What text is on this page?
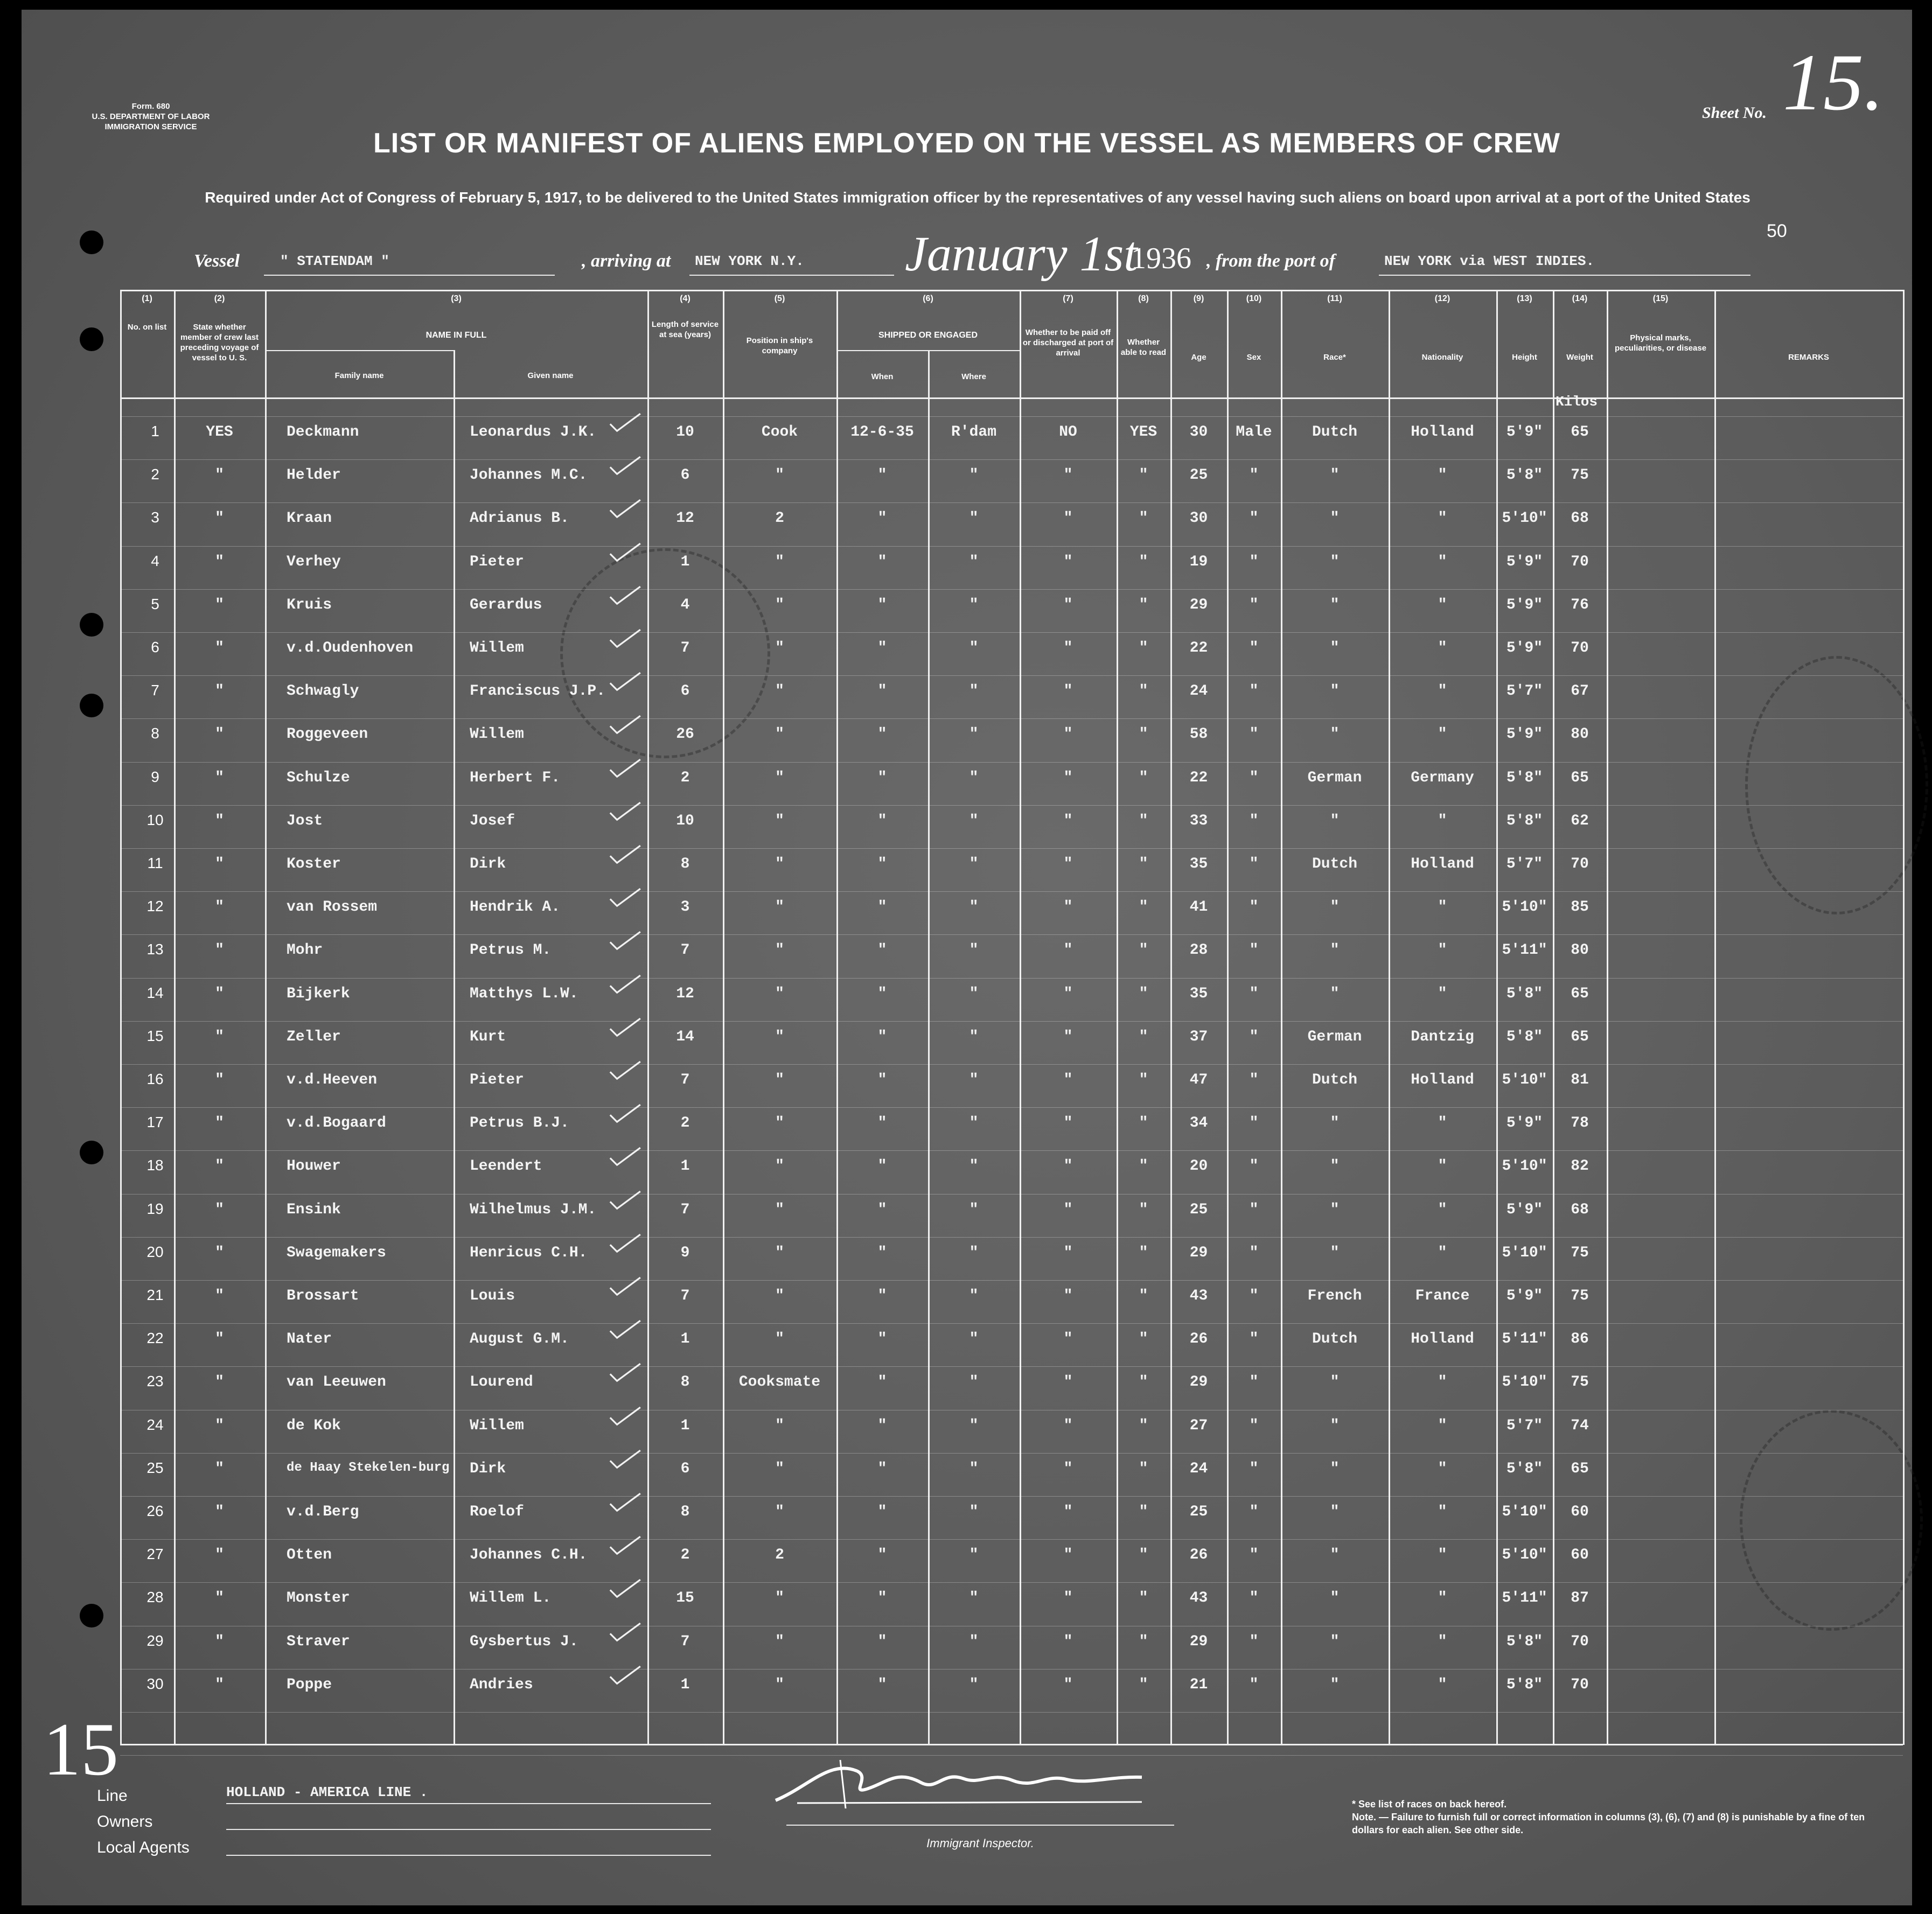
Form. 680
U.S. DEPARTMENT OF LABOR
IMMIGRATION SERVICE
Sheet No. 15.
LIST OR MANIFEST OF ALIENS EMPLOYED ON THE VESSEL AS MEMBERS OF CREW
Required under Act of Congress of February 5, 1917, to be delivered to the United States immigration officer by the representatives of any vessel having such aliens on board upon arrival at a port of the United States
50
Vessel	" STATENDAM "	, arriving at NEW YORK N.Y. January 1st
1936 , from the port of	NEW YORK via WEST INDIES.
(1)	(2)	(3)	(4)	(5)	(6)	(7)	(8)	(9)	(10)	(11)	(12)	(13)	(14)	(15)
No. on list	State whether member of crew last preceding voyage of vessel to U. S.
NAME IN FULL
Family name	Given name
Length of service at sea (years)
Position in ship's company
SHIPPED OR ENGAGED
When	Where
Whether to be paid off or discharged at port of arrival
Whether able to read
Age	Sex	Race*	Nationality	Height	Weight
Kilos
Physical marks, peculiarities, or disease
REMARKS
1	YES	Deckmann	Leonardus J.K.	10	Cook	12-6-35	R'dam	NO	YES	30	Male	Dutch	Holland	5'9"	65
2	"	Helder	Johannes M.C.	6	"	"	"	"	"	25	"	"	"	5'8"	75
3	"	Kraan	Adrianus B.	12	2	"	"	"	"	30	"	"	"	5'10"	68
4	"	Verhey	Pieter	1	"	"	"	"	"	19	"	"	"	5'9"	70
5	"	Kruis	Gerardus	4	"	"	"	"	"	29	"	"	"	5'9"	76
6	"	v.d.Oudenhoven	Willem	7	"	"	"	"	"	22	"	"	"	5'9"	70
7	"	Schwagly	Franciscus J.P.	6	"	"	"	"	"	24	"	"	"	5'7"	67
8	"	Roggeveen	Willem	26	"	"	"	"	"	58	"	"	"	5'9"	80
9	"	Schulze	Herbert F.	2	"	"	"	"	"	22	"	German	Germany	5'8"	65
10	"	Jost	Josef	10	"	"	"	"	"	33	"	"	"	5'8"	62
11	"	Koster	Dirk	8	"	"	"	"	"	35	"	Dutch	Holland	5'7"	70
12	"	van Rossem	Hendrik A.	3	"	"	"	"	"	41	"	"	"	5'10"	85
13	"	Mohr	Petrus M.	7	"	"	"	"	"	28	"	"	"	5'11"	80
14	"	Bijkerk	Matthys L.W.	12	"	"	"	"	"	35	"	"	"	5'8"	65
15	"	Zeller	Kurt	14	"	"	"	"	"	37	"	German	Dantzig	5'8"	65
16	"	v.d.Heeven	Pieter	7	"	"	"	"	"	47	"	Dutch	Holland	5'10"	81
17	"	v.d.Bogaard	Petrus B.J.	2	"	"	"	"	"	34	"	"	"	5'9"	78
18	"	Houwer	Leendert	1	"	"	"	"	"	20	"	"	"	5'10"	82
19	"	Ensink	Wilhelmus J.M.	7	"	"	"	"	"	25	"	"	"	5'9"	68
20	"	Swagemakers	Henricus C.H.	9	"	"	"	"	"	29	"	"	"	5'10"	75
21	"	Brossart	Louis	7	"	"	"	"	"	43	"	French	France	5'9"	75
22	"	Nater	August G.M.	1	"	"	"	"	"	26	"	Dutch	Holland	5'11"	86
23	"	van Leeuwen	Lourend	8	Cooksmate	"	"	"	"	29	"	"	"	5'10"	75
24	"	de Kok	Willem	1	"	"	"	"	"	27	"	"	"	5'7"	74
25	"	de Haay Stekelen-burg	Dirk	6	"	"	"	"	"	24	"	"	"	5'8"	65
26	"	v.d.Berg	Roelof	8	"	"	"	"	"	25	"	"	"	5'10"	60
27	"	Otten	Johannes C.H.	2	2	"	"	"	"	26	"	"	"	5'10"	60
28	"	Monster	Willem L.	15	"	"	"	"	"	43	"	"	"	5'11"	87
29	"	Straver	Gysbertus J.	7	"	"	"	"	"	29	"	"	"	5'8"	70
30	"	Poppe	Andries	1	"	"	"	"	"	21	"	"	"	5'8"	70
15
Line	HOLLAND - AMERICA LINE .
Owners
Local Agents	Immigrant Inspector.
* See list of races on back hereof.
Note. — Failure to furnish full or correct information in columns (3), (6), (7) and (8) is punishable by a fine of ten dollars for each alien. See other side.
